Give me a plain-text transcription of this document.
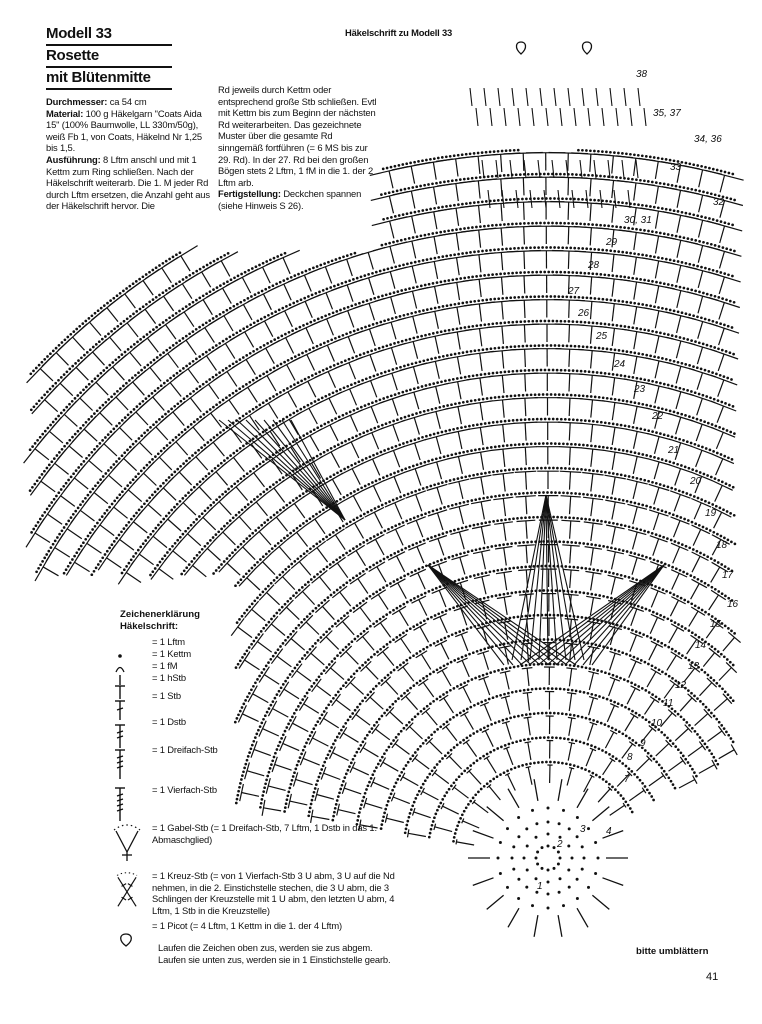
Modell 33
Rosette
mit Blütenmitte
Häkelschrift zu Modell 33
Durchmesser: ca 54 cm
Material: 100 g Häkelgarn "Coats Aida 15" (100% Baumwolle, LL 330m/50g), weiß Fb 1, von Coats, Häkelnd Nr 1,25 bis 1,5.
Ausführung: 8 Lftm anschl und mit 1 Kettm zum Ring schließen. Nach der Häkelschrift weiterarb. Die 1. M jeder Rd durch Lftm ersetzen, die Anzahl geht aus der Häkelschrift hervor. Die
Rd jeweils durch Kettm oder entsprechend große Stb schließen. Evtl mit Kettm bis zum Beginn der nächsten Rd weiterarbeiten. Das gezeichnete Muster über die gesamte Rd sinngemäß fortführen (= 6 MS bis zur 29. Rd). In der 27. Rd bei den großen Bögen stets 2 Lftm, 1 fM in die 1. der 2 Lftm arb.
Fertigstellung: Deckchen spannen (siehe Hinweis S 26).
38
35, 37
34, 36
33
32
30, 31
29
28
27
26
25
24
23
22
21
20
19
18
17
16
15
14
13
12
11
10
9
8
7
3 4
1
2
Zeichenerklärung
Häkelschrift:
= 1 Lftm
= 1 Kettm
= 1 fM
= 1 hStb
= 1 Stb
= 1 Dstb
= 1 Dreifach-Stb
= 1 Vierfach-Stb
= 1 Gabel-Stb (= 1 Dreifach-Stb, 7 Lftm, 1 Dstb in das 1. Abmaschglied)
= 1 Kreuz-Stb (= von 1 Vierfach-Stb 3 U abm, 3 U auf die Nd nehmen, in die 2. Einstichstelle stechen, die 3 U abm, die 3 Schlingen der Kreuzstelle mit 1 U abm, den letzten U abm, 4 Lftm, 1 Stb in die Kreuzstelle)
= 1 Picot (= 4 Lftm, 1 Kettm in die 1. der 4 Lftm)
Laufen die Zeichen oben zus, werden sie zus abgem. Laufen sie unten zus, werden sie in 1 Einstichstelle gearb.
bitte umblättern
41
